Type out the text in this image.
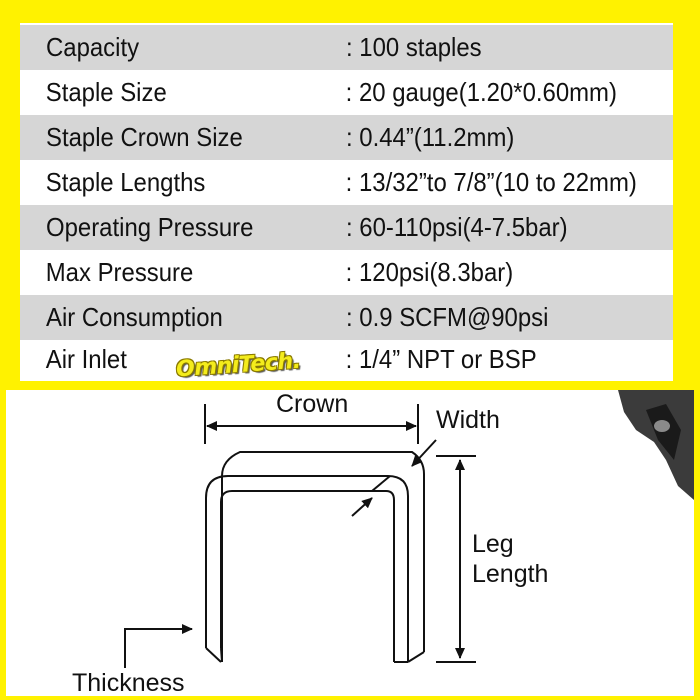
Capacity	: 100 staples
Staple Size	: 20 gauge(1.20*0.60mm)
Staple Crown Size	: 0.44”(11.2mm)
Staple Lengths	: 13/32”to 7/8”(10 to 22mm)
Operating Pressure	: 60-110psi(4-7.5bar)
Max Pressure	: 120psi(8.3bar)
Air Consumption	: 0.9 SCFM@90psi
Air Inlet	: 1/4” NPT or BSP
OmniTech.
Crown
Width
Leg
Length
Thickness
